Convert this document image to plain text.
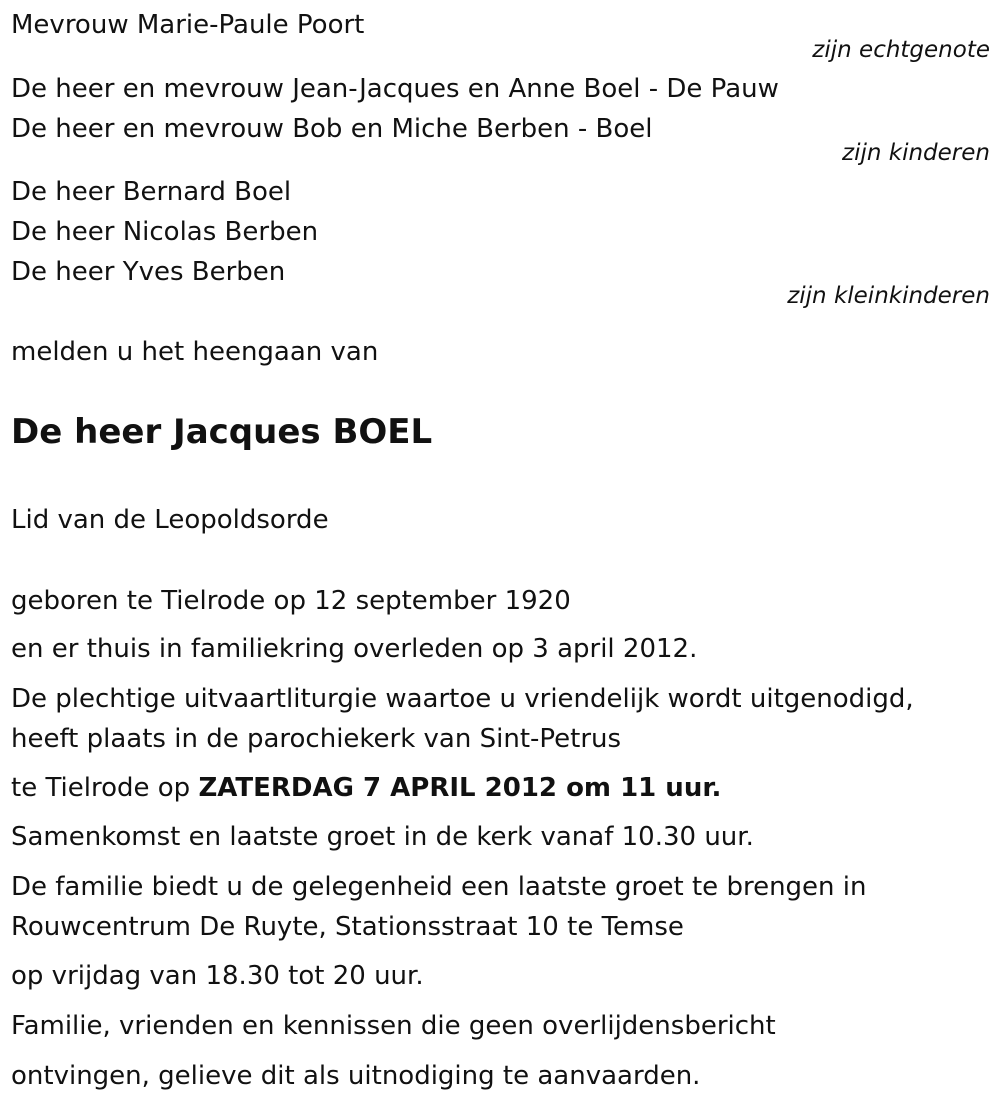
Mevrouw Marie-Paule Poort
zijn echtgenote
De heer en mevrouw Jean-Jacques en Anne Boel - De Pauw
De heer en mevrouw Bob en Miche Berben - Boel
zijn kinderen
De heer Bernard Boel
De heer Nicolas Berben
De heer Yves Berben
zijn kleinkinderen
melden u het heengaan van
De heer Jacques BOEL
Lid van de Leopoldsorde
geboren te Tielrode op 12 september 1920
en er thuis in familiekring overleden op 3 april 2012.
De plechtige uitvaartliturgie waartoe u vriendelijk wordt uitgenodigd,
heeft plaats in de parochiekerk van Sint-Petrus
te Tielrode op ZATERDAG 7 APRIL 2012 om 11 uur.
Samenkomst en laatste groet in de kerk vanaf 10.30 uur.
De familie biedt u de gelegenheid een laatste groet te brengen in
Rouwcentrum De Ruyte, Stationsstraat 10 te Temse
op vrijdag van 18.30 tot 20 uur.
Familie, vrienden en kennissen die geen overlijdensbericht
ontvingen, gelieve dit als uitnodiging te aanvaarden.
